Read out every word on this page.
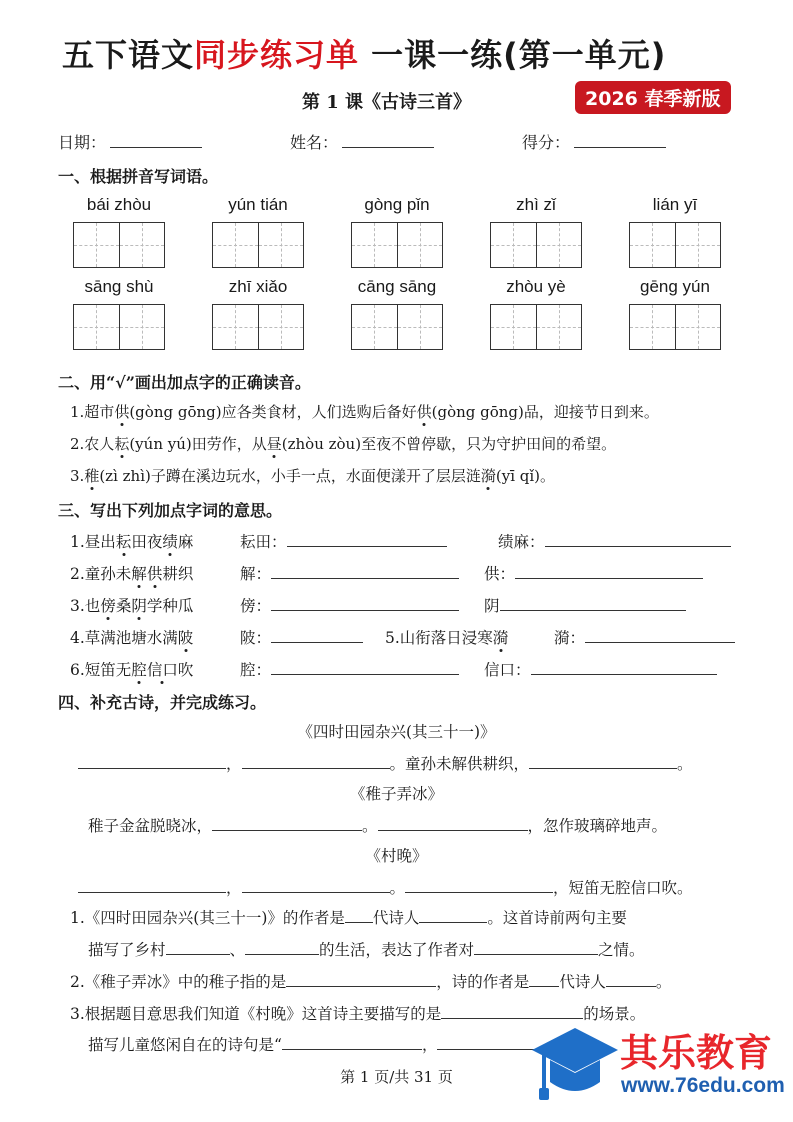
五下语文同步练习单 一课一练(第一单元)
第 1 课《古诗三首》	2026 春季新版
日期：	姓名：	得分：
一、根据拼音写词语。
bái zhòu	yún tián	gòng pǐn	zhì zǐ	lián yī
sāng shù	zhī xiǎo	cāng sāng	zhòu yè	gēng yún
二、用“√”画出加点字的正确读音。
1.超市供(gòng gōng)应各类食材，人们选购后备好供(gòng gōng)品，迎接节日到来。
2.农人耘(yún yú)田劳作，从昼(zhòu zòu)至夜不曾停歇，只为守护田间的希望。
3.稚(zì zhì)子蹲在溪边玩水，小手一点，水面便漾开了层层涟漪(yī qǐ)。
三、写出下列加点字词的意思。
1.昼出耘田夜绩麻	耘田：	绩麻：
2.童孙未解供耕织	解：	供：
3.也傍桑阴学种瓜	傍：	阴
4.草满池塘水满陂	陂：	5.山衔落日浸寒漪	漪：
6.短笛无腔信口吹	腔：	信口：
四、补充古诗，并完成练习。
《四时田园杂兴(其三十一)》
，	。童孙未解供耕织，	。
《稚子弄冰》
稚子金盆脱晓冰，	。	，忽作玻璃碎地声。
《村晚》
，	。	，短笛无腔信口吹。
1.《四时田园杂兴(其三十一)》的作者是 代诗人	。这首诗前两句主要
描写了乡村	、	的生活，表达了作者对	之情。
2.《稚子弄冰》中的稚子指的是	，诗的作者是 代诗人	。
3.根据题目意思我们知道《村晚》这首诗主要描写的是	的场景。
描写儿童悠闲自在的诗句是“	，
第 1 页/共 31 页
其乐教育
www.76edu.com
